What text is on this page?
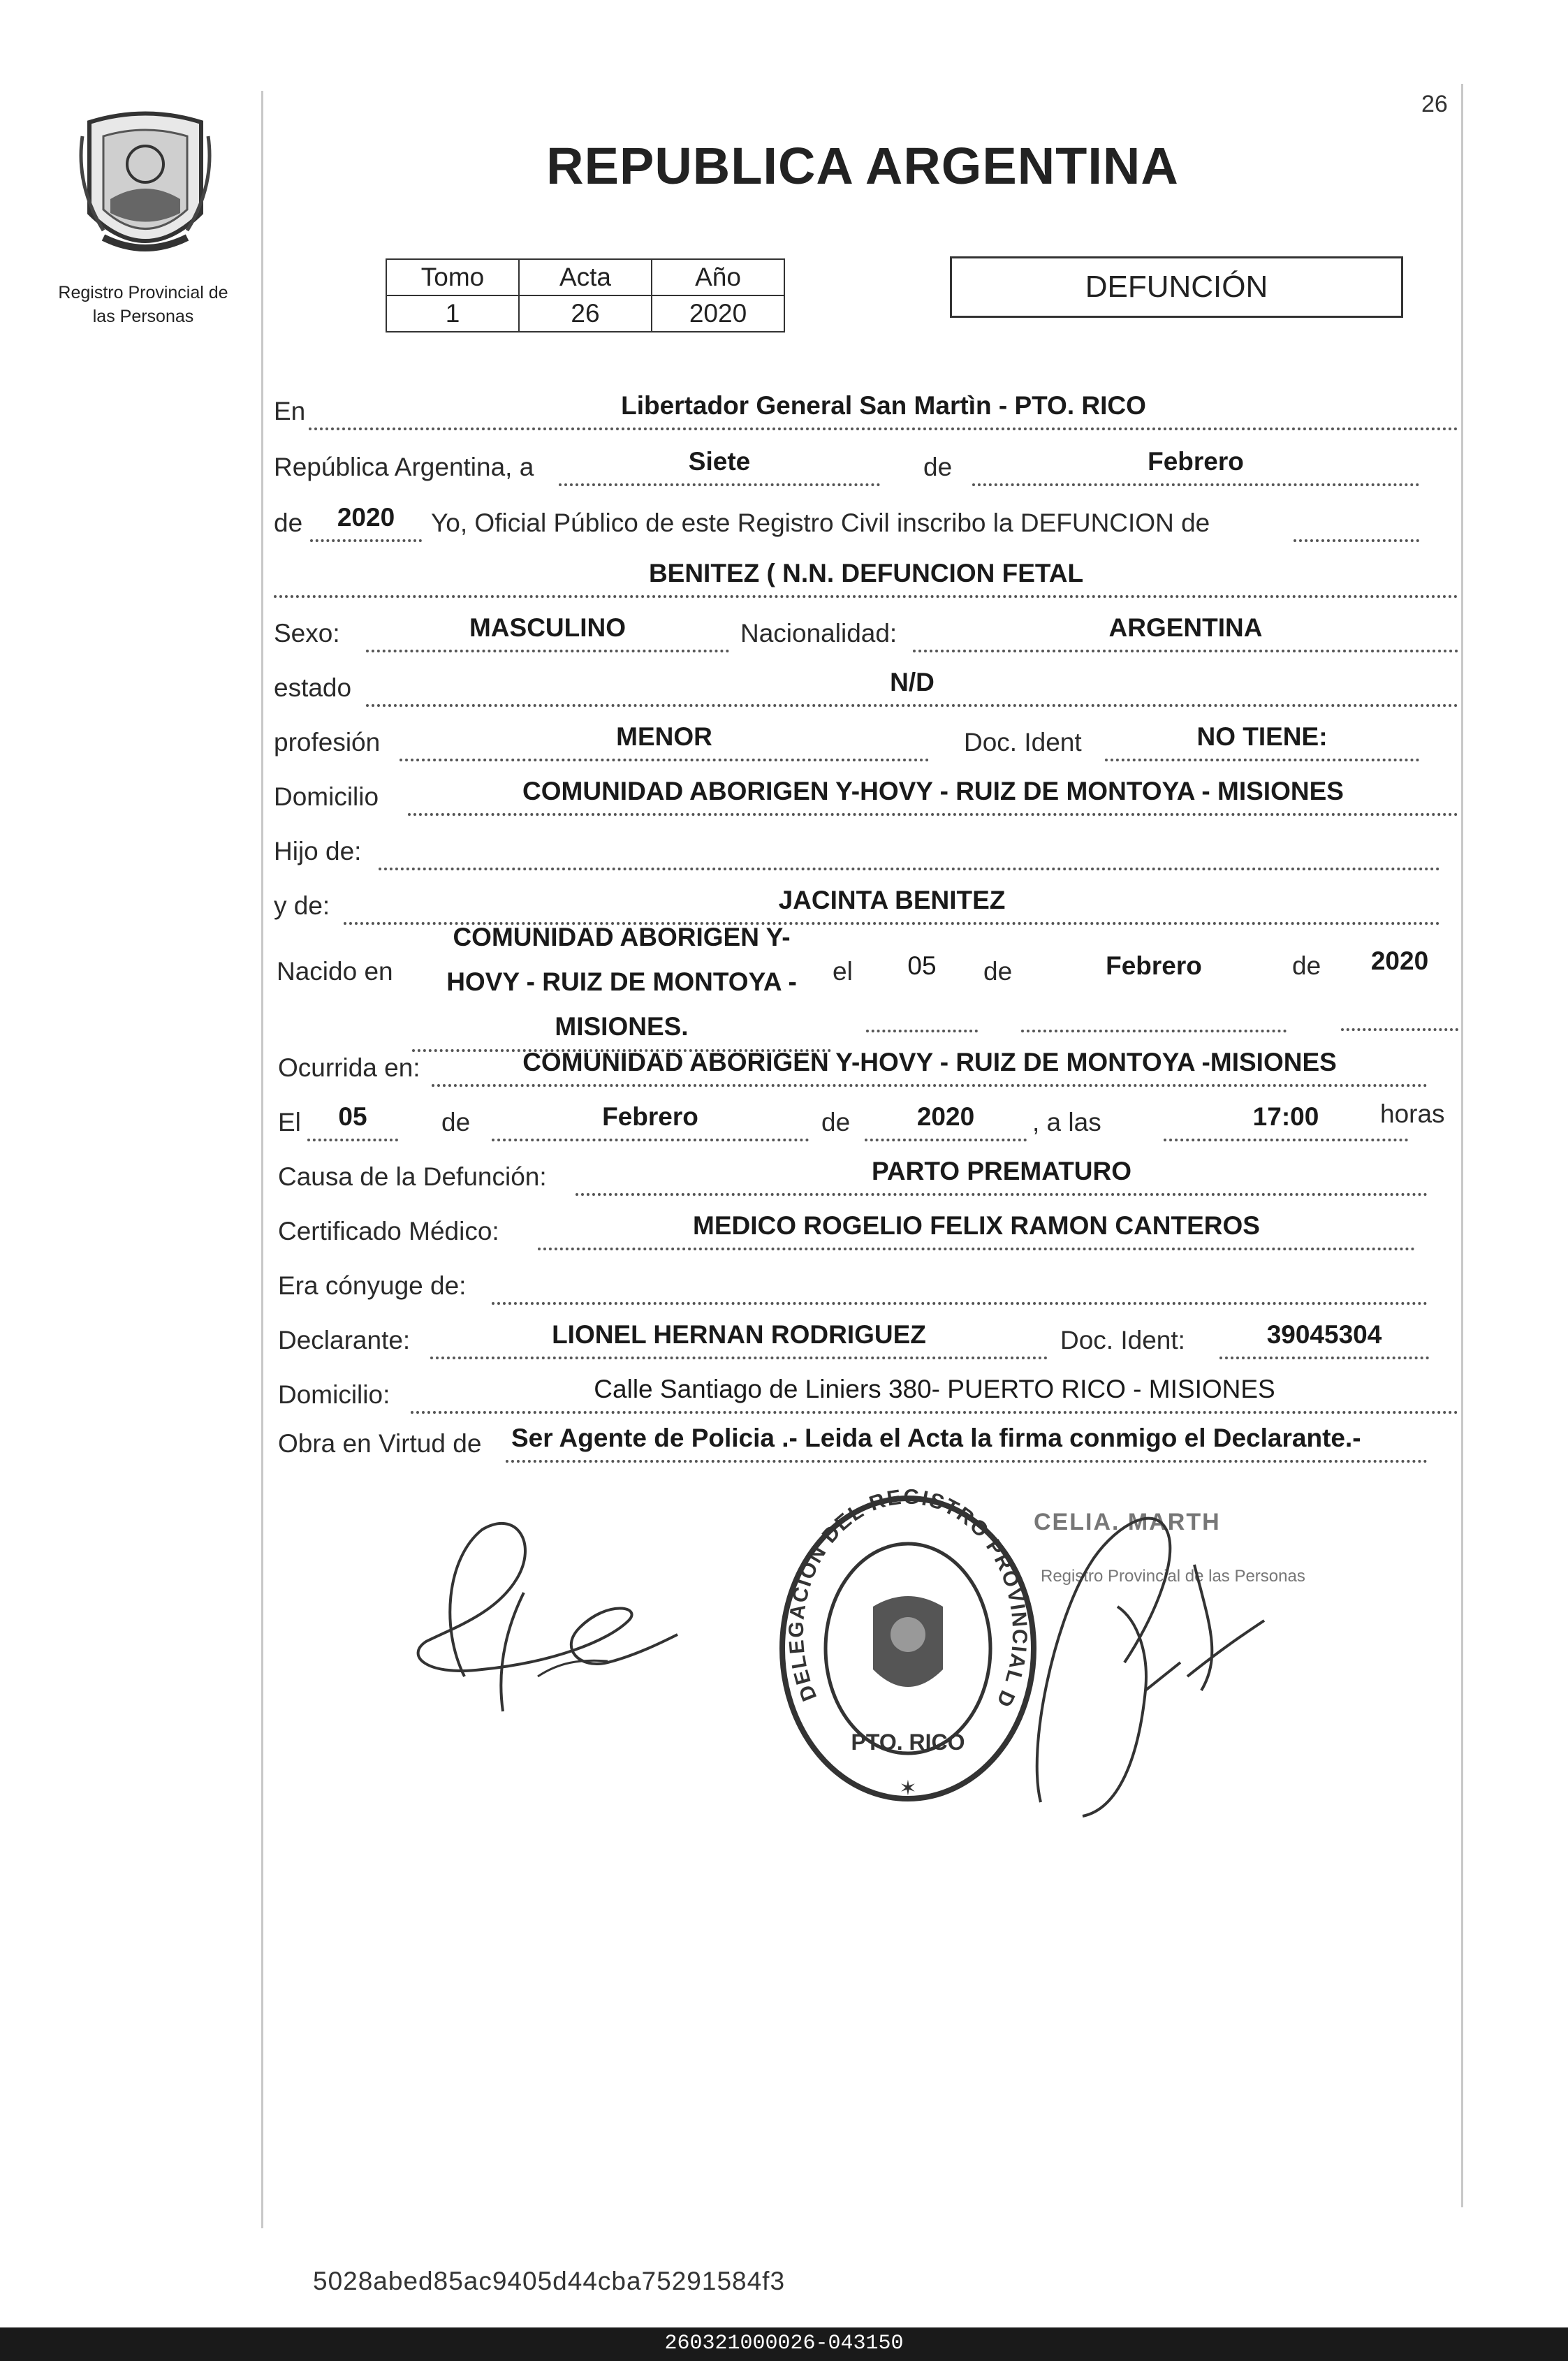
Registro Provincial de
las Personas
26
REPUBLICA ARGENTINA
Tomo	Acta	Año
1	26	2020
DEFUNCIÓN
En	Libertador General San Martìn - PTO. RICO
República Argentina, a	Siete	de	Febrero
de	2020	Yo, Oficial Público de este Registro Civil inscribo la DEFUNCION de
BENITEZ ( N.N. DEFUNCION FETAL
Sexo:	MASCULINO	Nacionalidad:	ARGENTINA
estado	N/D
profesión	MENOR	Doc. Ident	NO TIENE:
Domicilio	COMUNIDAD ABORIGEN Y-HOVY - RUIZ DE MONTOYA - MISIONES
Hijo de:
y de:	JACINTA BENITEZ
Nacido en
COMUNIDAD ABORIGEN Y-
HOVY - RUIZ DE MONTOYA -
MISIONES.
el	05	de	Febrero	de	2020
Ocurrida en:	COMUNIDAD ABORIGEN Y-HOVY - RUIZ DE MONTOYA -MISIONES
El	05	de	Febrero	de	2020	, a las	17:00	horas
Causa de la Defunción:	PARTO PREMATURO
Certificado Médico:	MEDICO ROGELIO FELIX RAMON CANTEROS
Era cónyuge de:
Declarante:	LIONEL HERNAN RODRIGUEZ	Doc. Ident:	39045304
Domicilio:	Calle Santiago de Liniers 380- PUERTO RICO - MISIONES
Obra en Virtud de Ser Agente de Policia .- Leida el Acta la firma conmigo el Declarante.-
DELEGACION DEL REGISTRO PROVINCIAL D
PTO. RICO
✶
CELIA. MARTH
Registro Provincial de las Personas
5028abed85ac9405d44cba75291584f3
260321000026-043150
